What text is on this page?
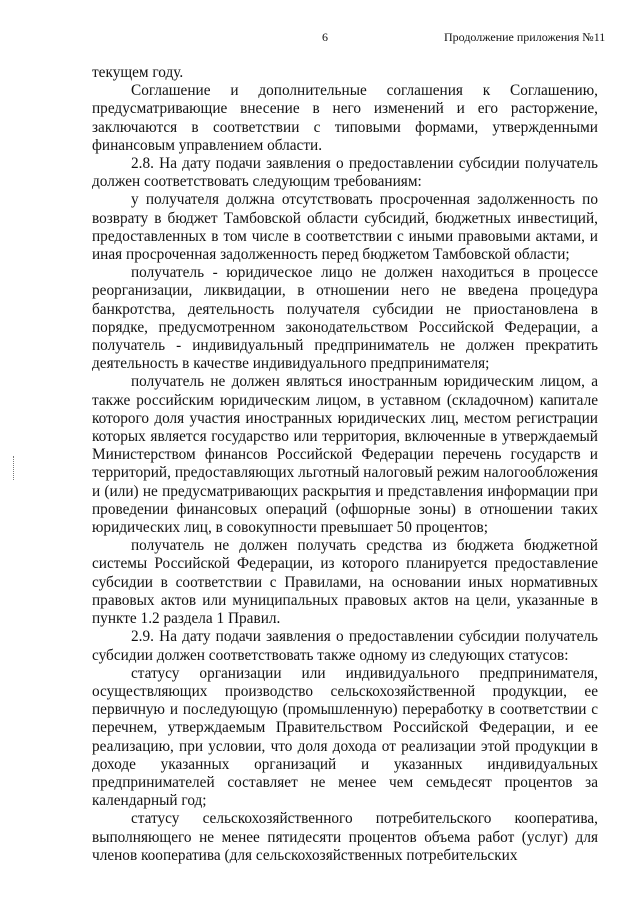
6	Продолжение приложения №11

текущем году.

Соглашение и дополнительные соглашения к Соглашению, предусматривающие внесение в него изменений и его расторжение, заключаются в соответствии с типовыми формами, утвержденными финансовым управлением области.

2.8. На дату подачи заявления о предоставлении субсидии получатель должен соответствовать следующим требованиям:

у получателя должна отсутствовать просроченная задолженность по возврату в бюджет Тамбовской области субсидий, бюджетных инвестиций, предоставленных в том числе в соответствии с иными правовыми актами, и иная просроченная задолженность перед бюджетом Тамбовской области;

получатель - юридическое лицо не должен находиться в процессе реорганизации, ликвидации, в отношении него не введена процедура банкротства, деятельность получателя субсидии не приостановлена в порядке, предусмотренном законодательством Российской Федерации, а получатель - индивидуальный предприниматель не должен прекратить деятельность в качестве индивидуального предпринимателя;

получатель не должен являться иностранным юридическим лицом, а также российским юридическим лицом, в уставном (складочном) капитале которого доля участия иностранных юридических лиц, местом регистрации которых является государство или территория, включенные в утверждаемый Министерством финансов Российской Федерации перечень государств и территорий, предоставляющих льготный налоговый режим налогообложения и (или) не предусматривающих раскрытия и представления информации при проведении финансовых операций (офшорные зоны) в отношении таких юридических лиц, в совокупности превышает 50 процентов;

получатель не должен получать средства из бюджета бюджетной системы Российской Федерации, из которого планируется предоставление субсидии в соответствии с Правилами, на основании иных нормативных правовых актов или муниципальных правовых актов на цели, указанные в пункте 1.2 раздела 1 Правил.

2.9. На дату подачи заявления о предоставлении субсидии получатель субсидии должен соответствовать также одному из следующих статусов:

статусу организации или индивидуального предпринимателя, осуществляющих производство сельскохозяйственной продукции, ее первичную и последующую (промышленную) переработку в соответствии с перечнем, утверждаемым Правительством Российской Федерации, и ее реализацию, при условии, что доля дохода от реализации этой продукции в доходе указанных организаций и указанных индивидуальных предпринимателей составляет не менее чем семьдесят процентов за календарный год;

статусу сельскохозяйственного потребительского кооператива, выполняющего не менее пятидесяти процентов объема работ (услуг) для членов кооператива (для сельскохозяйственных потребительских
